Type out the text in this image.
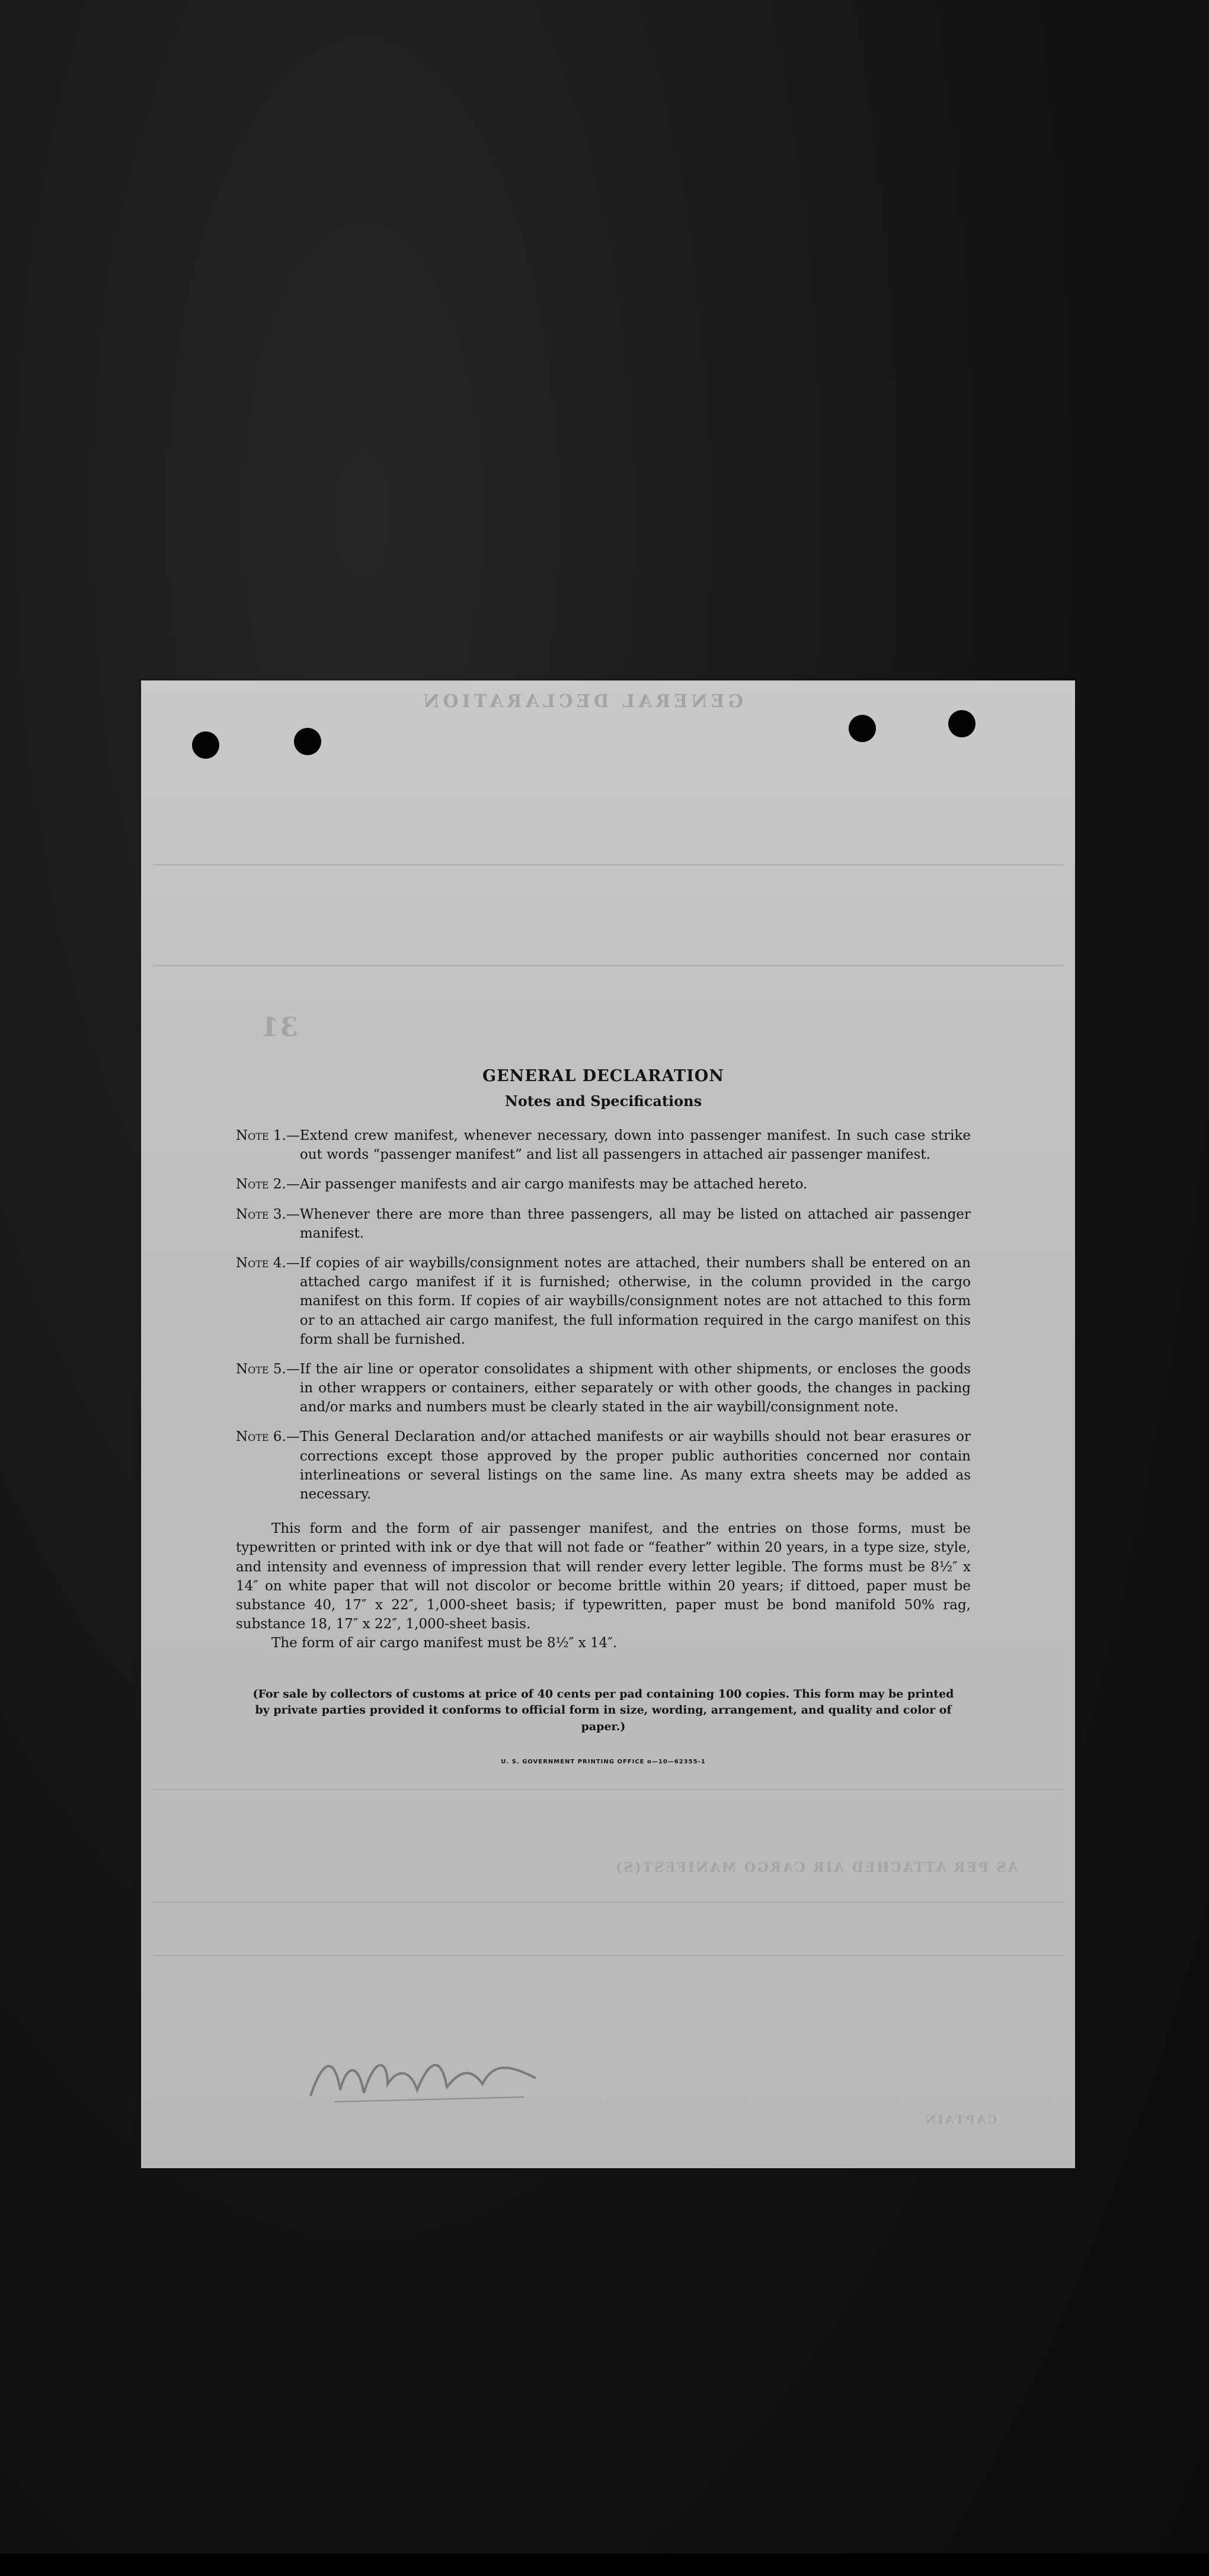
GENERAL DECLARATION
31
AS PER ATTACHED AIR CARGO MANIFEST(S)
CAPTAIN
GENERAL DECLARATION
Notes and Specifications
Note 1. — Extend crew manifest, whenever necessary, down into passenger manifest. In such case strike out words “passenger manifest” and list all passengers in attached air passenger manifest.
Note 2. — Air passenger manifests and air cargo manifests may be attached hereto.
Note 3. — Whenever there are more than three passengers, all may be listed on attached air passenger manifest.
Note 4. — If copies of air waybills/consignment notes are attached, their numbers shall be entered on an attached cargo manifest if it is furnished; otherwise, in the column provided in the cargo manifest on this form. If copies of air waybills/consignment notes are not attached to this form or to an attached air cargo manifest, the full information required in the cargo manifest on this form shall be furnished.
Note 5. — If the air line or operator consolidates a shipment with other shipments, or encloses the goods in other wrappers or containers, either separately or with other goods, the changes in packing and/or marks and numbers must be clearly stated in the air waybill/consignment note.
Note 6. — This General Declaration and/or attached manifests or air waybills should not bear erasures or corrections except those approved by the proper public authorities concerned nor contain interlineations or several listings on the same line. As many extra sheets may be added as necessary.
This form and the form of air passenger manifest, and the entries on those forms, must be typewritten or printed with ink or dye that will not fade or “feather” within 20 years, in a type size, style, and intensity and evenness of impression that will render every letter legible. The forms must be 8½″ x 14″ on white paper that will not discolor or become brittle within 20 years; if dittoed, paper must be substance 40, 17″ x 22″, 1,000-sheet basis; if typewritten, paper must be bond manifold 50% rag, substance 18, 17″ x 22″, 1,000-sheet basis.
The form of air cargo manifest must be 8½″ x 14″.
(For sale by collectors of customs at price of 40 cents per pad containing 100 copies. This form may be printed
by private parties provided it conforms to official form in size, wording, arrangement, and quality and color of paper.)
U. S. GOVERNMENT PRINTING OFFICE o—10—62355-1
